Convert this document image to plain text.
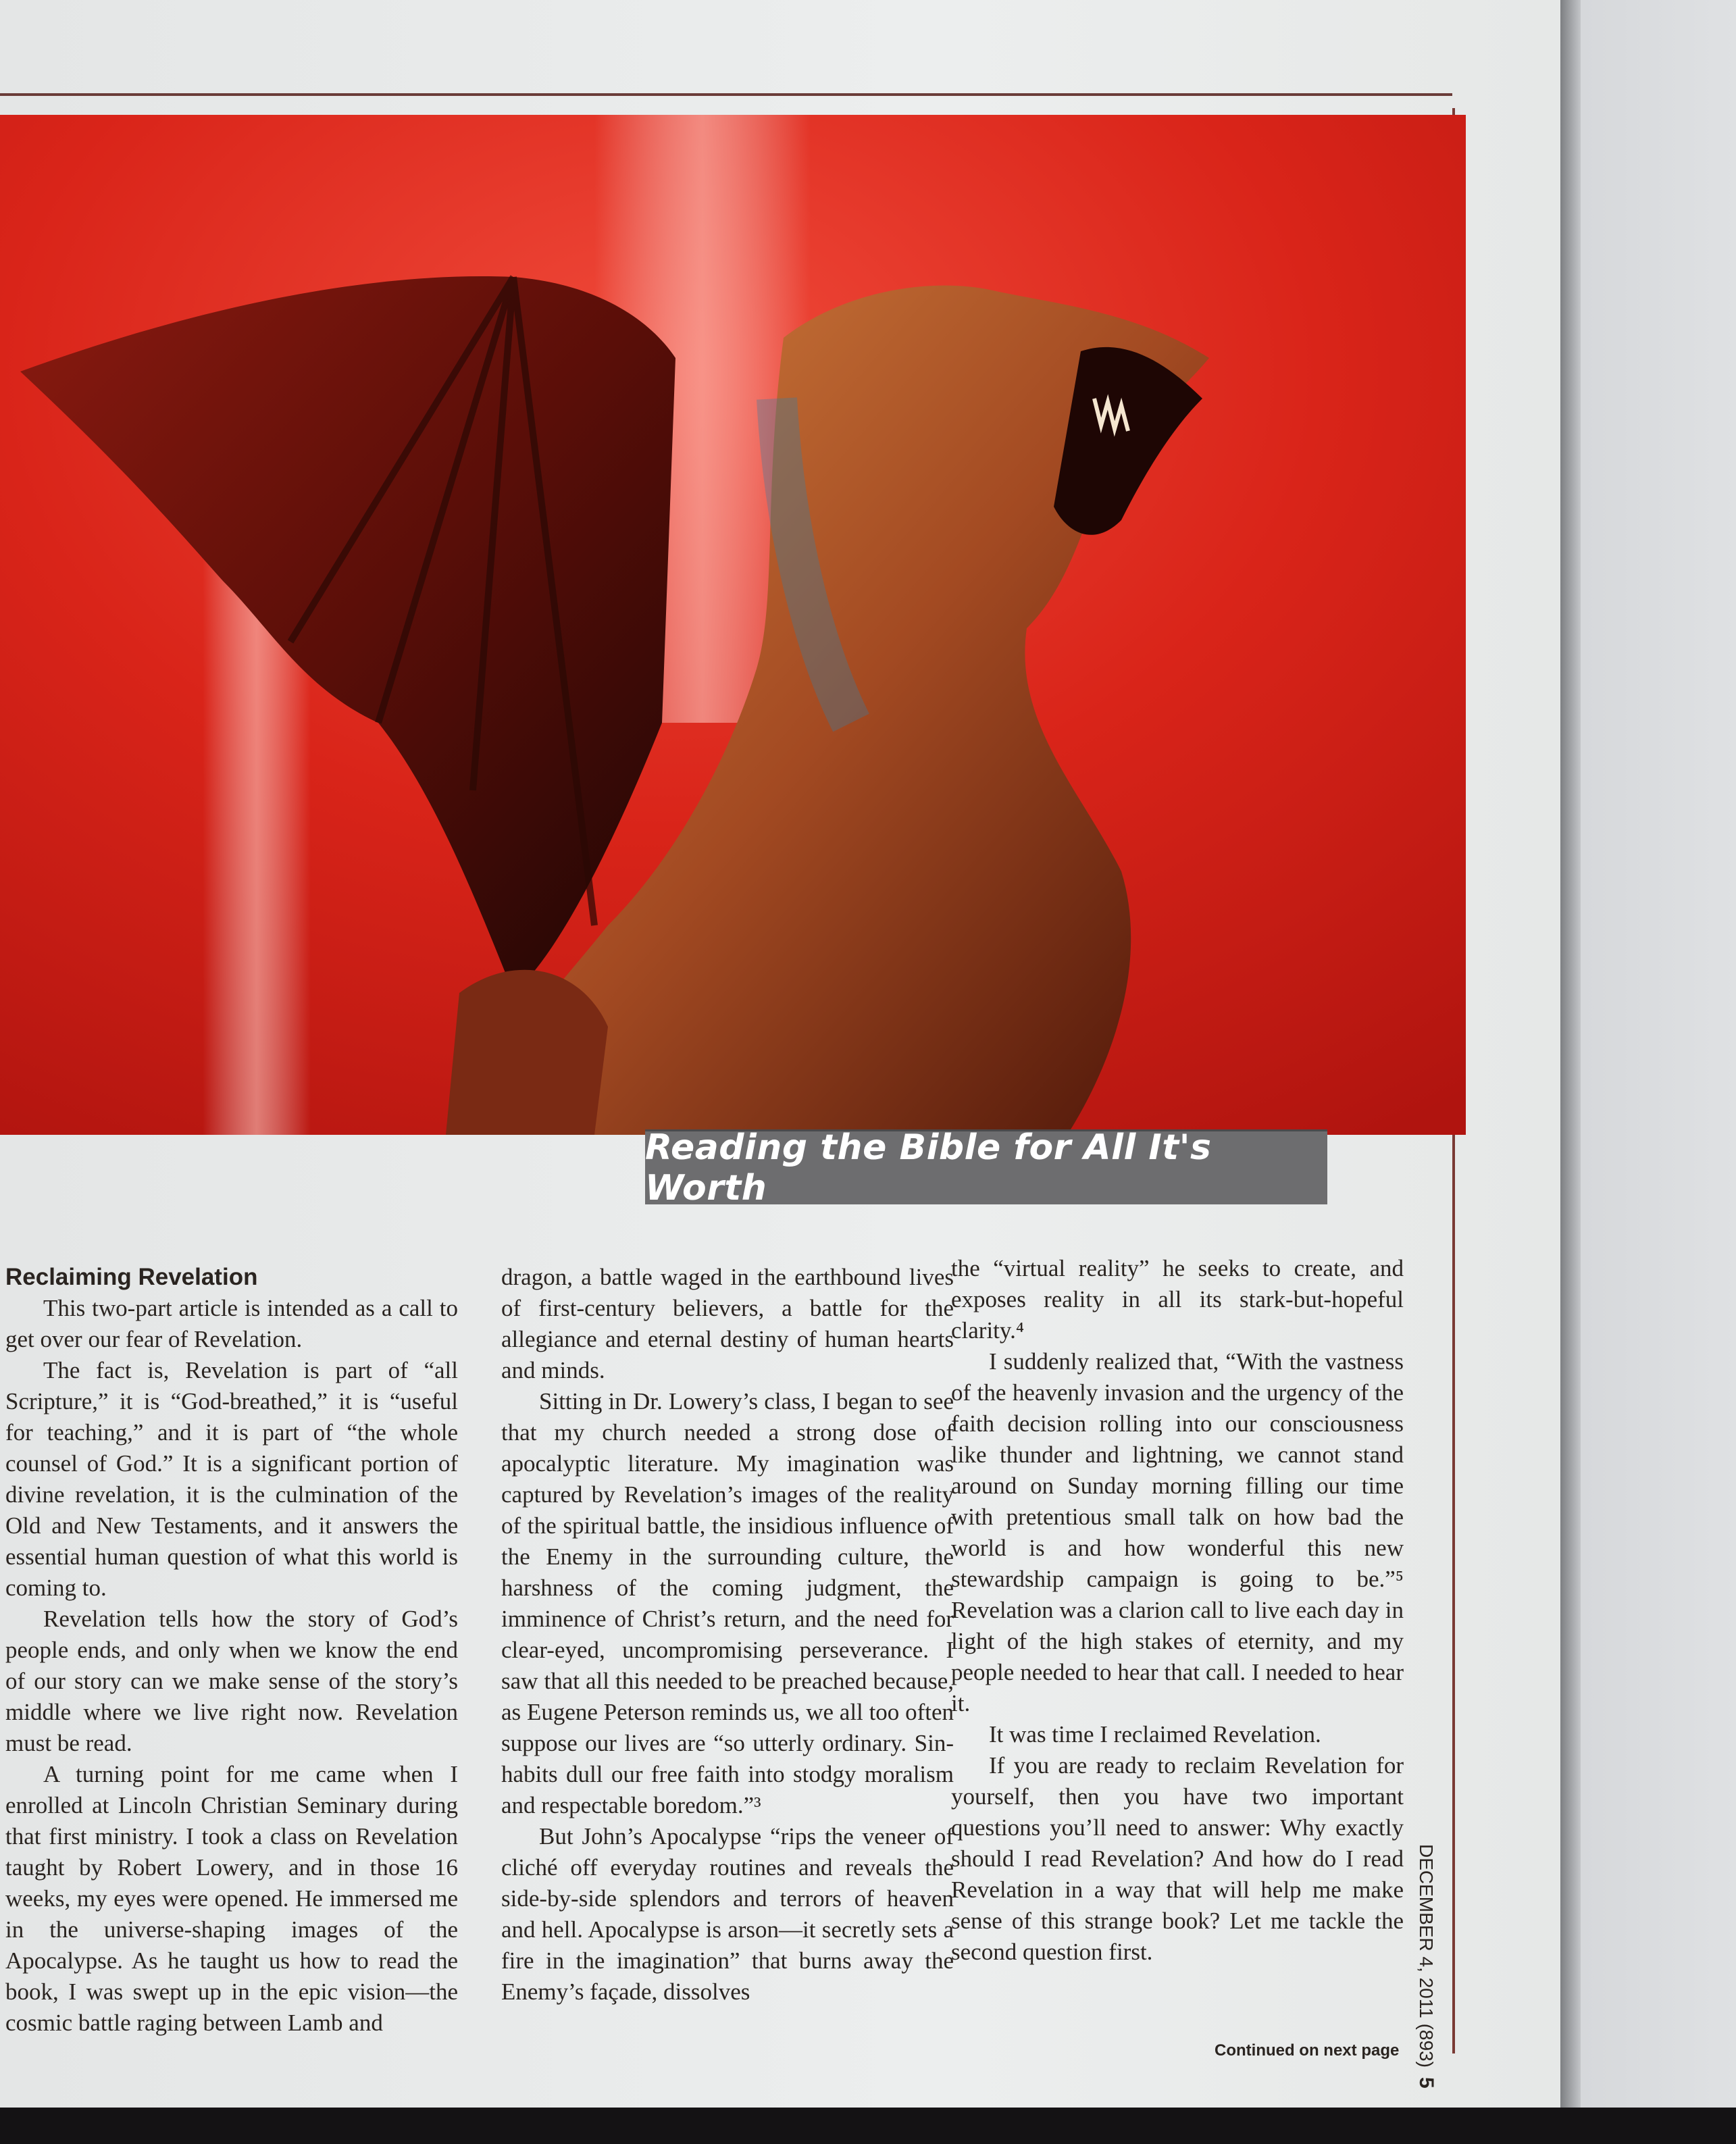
Reading the Bible for All It's Worth
Reclaiming Revelation

This two-part article is intended as a call to get over our fear of Revelation.

The fact is, Revelation is part of “all Scripture,” it is “God-breathed,” it is “useful for teaching,” and it is part of “the whole counsel of God.” It is a significant portion of divine revelation, it is the culmination of the Old and New Testaments, and it answers the essential human question of what this world is coming to.

Revelation tells how the story of God’s people ends, and only when we know the end of our story can we make sense of the story’s middle where we live right now. Revelation must be read.

A turning point for me came when I enrolled at Lincoln Christian Seminary during that first ministry. I took a class on Revelation taught by Robert Lowery, and in those 16 weeks, my eyes were opened. He immersed me in the universe-shaping images of the Apocalypse. As he taught us how to read the book, I was swept up in the epic vision—the cosmic battle raging between Lamb and

dragon, a battle waged in the earthbound lives of first-century believers, a battle for the allegiance and eternal destiny of human hearts and minds.

Sitting in Dr. Lowery’s class, I began to see that my church needed a strong dose of apocalyptic literature. My imagination was captured by Revelation’s images of the reality of the spiritual battle, the insidious influence of the Enemy in the surrounding culture, the harshness of the coming judgment, the imminence of Christ’s return, and the need for clear-eyed, uncompromising perseverance. I saw that all this needed to be preached because, as Eugene Peterson reminds us, we all too often suppose our lives are “so utterly ordinary. Sin-habits dull our free faith into stodgy moralism and respectable boredom.”³

But John’s Apocalypse “rips the veneer of cliché off everyday routines and reveals the side-by-side splendors and terrors of heaven and hell. Apocalypse is arson—it secretly sets a fire in the imagination” that burns away the Enemy’s façade, dissolves

the “virtual reality” he seeks to create, and exposes reality in all its stark-but-hopeful clarity.⁴

I suddenly realized that, “With the vastness of the heavenly invasion and the urgency of the faith decision rolling into our consciousness like thunder and lightning, we cannot stand around on Sunday morning filling our time with pretentious small talk on how bad the world is and how wonderful this new stewardship campaign is going to be.”⁵ Revelation was a clarion call to live each day in light of the high stakes of eternity, and my people needed to hear that call. I needed to hear it.

It was time I reclaimed Revelation.

If you are ready to reclaim Revelation for yourself, then you have two important questions you’ll need to answer: Why exactly should I read Revelation? And how do I read Revelation in a way that will help me make sense of this strange book? Let me tackle the second question first.

Continued on next page DECEMBER 4, 2011 (893)5
